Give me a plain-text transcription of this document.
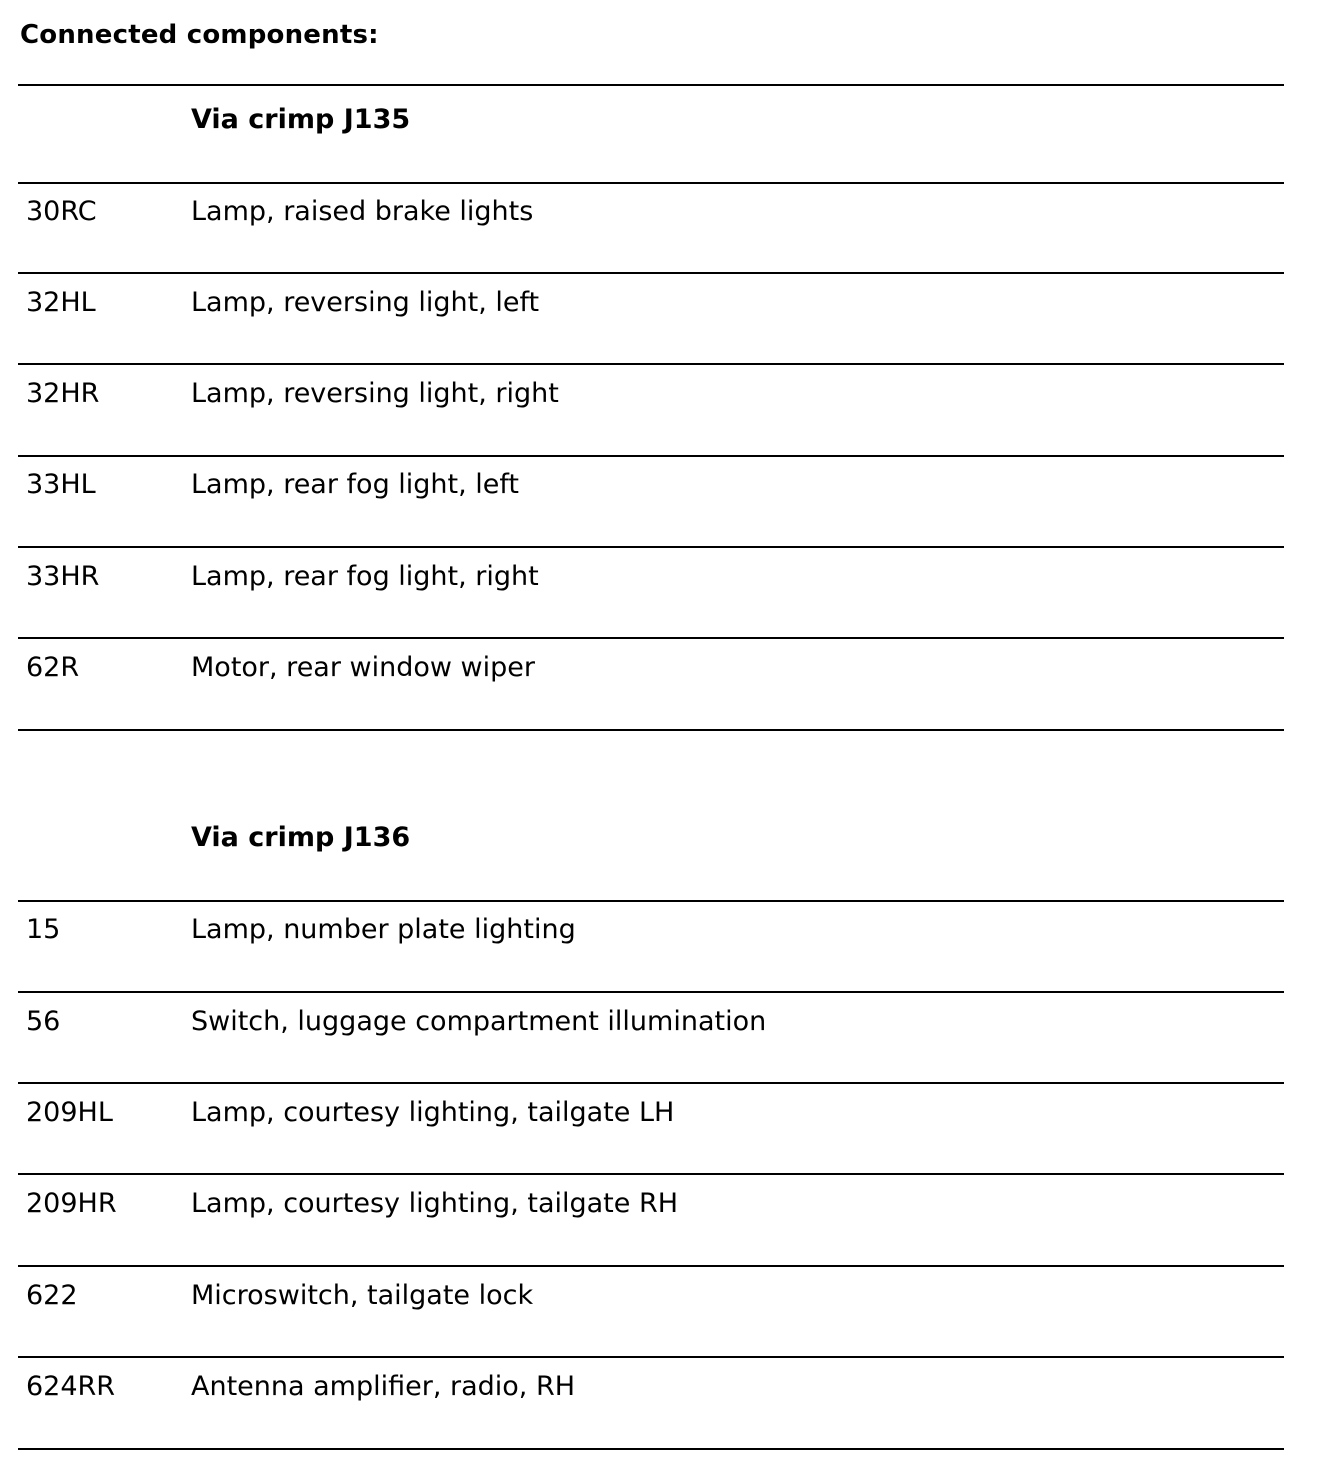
Connected components:
Via crimp J135
30RC	Lamp, raised brake lights
32HL	Lamp, reversing light, left
32HR	Lamp, reversing light, right
33HL	Lamp, rear fog light, left
33HR	Lamp, rear fog light, right
62R	Motor, rear window wiper
Via crimp J136
15	Lamp, number plate lighting
56	Switch, luggage compartment illumination
209HL	Lamp, courtesy lighting, tailgate LH
209HR	Lamp, courtesy lighting, tailgate RH
622	Microswitch, tailgate lock
624RR	Antenna amplifier, radio, RH
